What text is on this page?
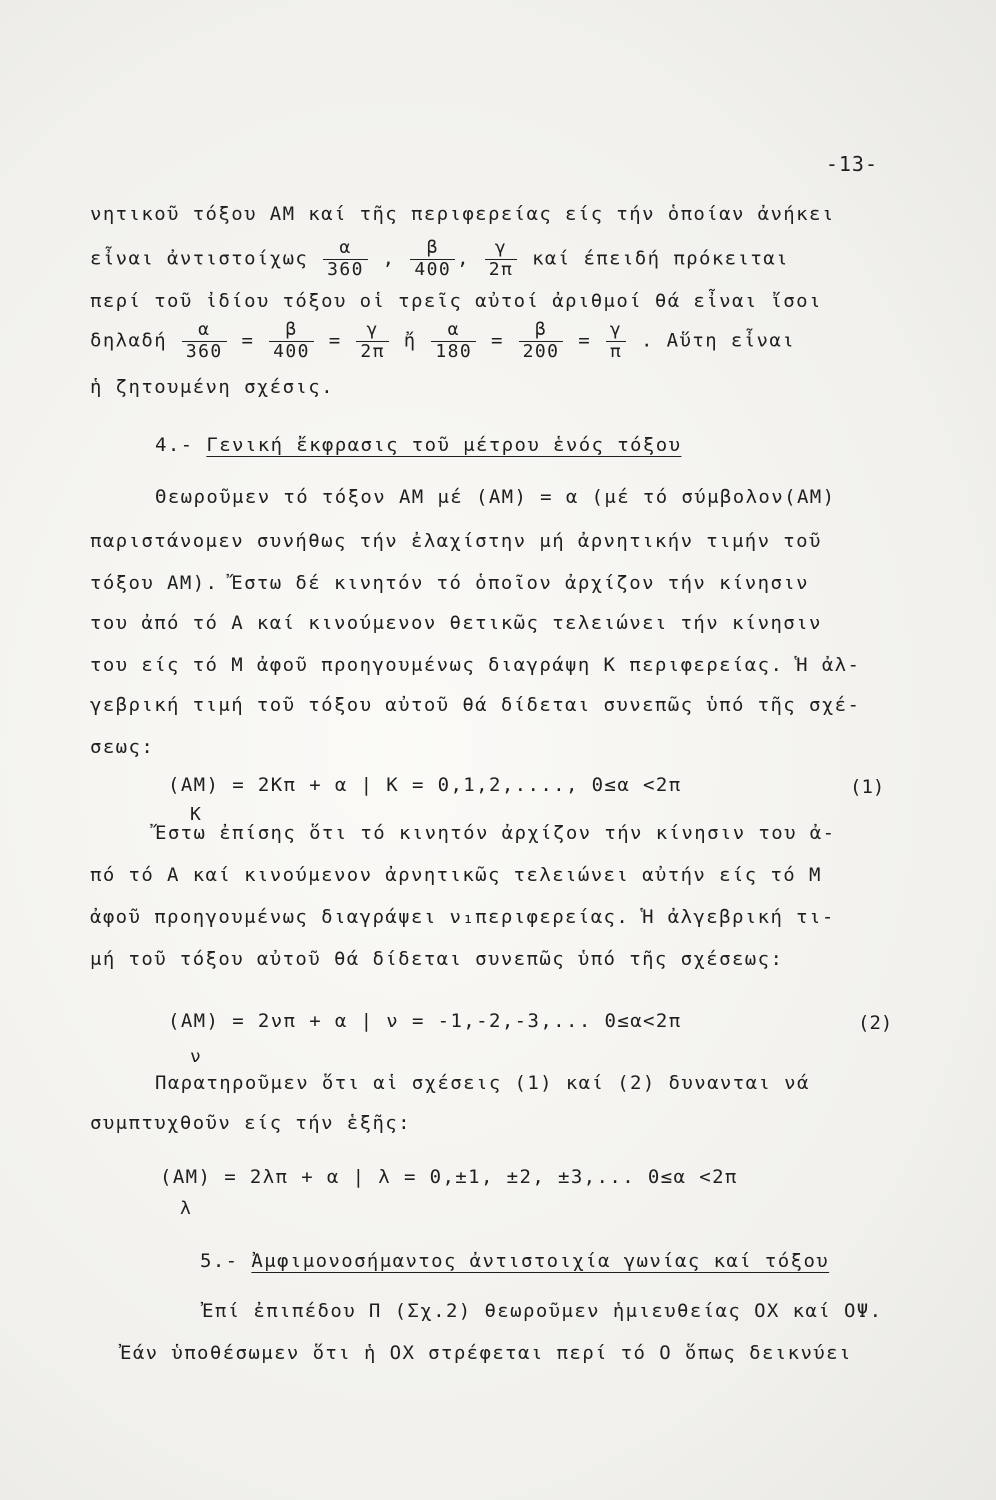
-13-
νητικοῦ τόξου AM καί τῆς περιφερείας είς τήν ὁποίαν ἀνήκει
εἶναι ἀντιστοίχως $\frac{\alpha}{360}$ , $\frac{\beta}{400}$ , $\frac{\gamma}{2\pi}$ καί έπειδή πρόκειται
περί τοῦ ἰδίου τόξου οἱ τρεῖς αὐτοί ἀριθμοί θά εἶναι ἴσοι
δηλαδή $\frac{\alpha}{360} = \frac{\beta}{400} = \frac{\gamma}{2\pi}$ ἤ $\frac{\alpha}{180} = \frac{\beta}{200} = \frac{\gamma}{\pi}$ . Αὕτη εἶναι
ἡ ζητουμένη σχέσις.
4.- Γενική ἔκφρασις τοῦ μέτρου ἑνός τόξου
Θεωροῦμεν τό τόξον AM μέ (AM) = α (μέ τό σύμβολον(AM)
παριστάνομεν συνήθως τήν ἐλαχίστην μή ἀρνητικήν τιμήν τοῦ
τόξου AM). Ἔστω δέ κινητόν τό ὁποῖον ἀρχίζον τήν κίνησιν
του ἀπό τό A καί κινούμενον θετικῶς τελειώνει τήν κίνησιν
του είς τό M ἀφοῦ προηγουμένως διαγράψη K περιφερείας. Ἡ ἀλ-
γεβρική τιμή τοῦ τόξου αὐτοῦ θά δίδεται συνεπῶς ὑπό τῆς σχέ-
σεως:
(AM) = 2Kπ + α | K = 0,1,2,...., 0≤α <2π
K
(1)
Ἔστω ἐπίσης ὅτι τό κινητόν ἀρχίζον τήν κίνησιν του ἀ-
πό τό A καί κινούμενον ἀρνητικῶς τελειώνει αὐτήν είς τό M
ἀφοῦ προηγουμένως διαγράψει ν₁περιφερείας. Ἡ ἀλγεβρική τι-
μή τοῦ τόξου αὐτοῦ θά δίδεται συνεπῶς ὑπό τῆς σχέσεως:
(AM) = 2νπ + α | ν = -1,-2,-3,... 0≤α<2π
ν
(2)
Παρατηροῦμεν ὅτι αἱ σχέσεις (1) καί (2) δυνανται νά
συμπτυχθοῦν είς τήν ἑξῆς:
(AM) = 2λπ + α | λ = 0,±1, ±2, ±3,... 0≤α <2π
λ
5.- Ἀμφιμονοσήμαντος ἀντιστοιχία γωνίας καί τόξου
Ἐπί ἐπιπέδου Π (Σχ.2) θεωροῦμεν ἡμιευθείας OX καί OΨ.
Ἐάν ὑποθέσωμεν ὅτι ἡ OX στρέφεται περί τό O ὅπως δεικνύει
